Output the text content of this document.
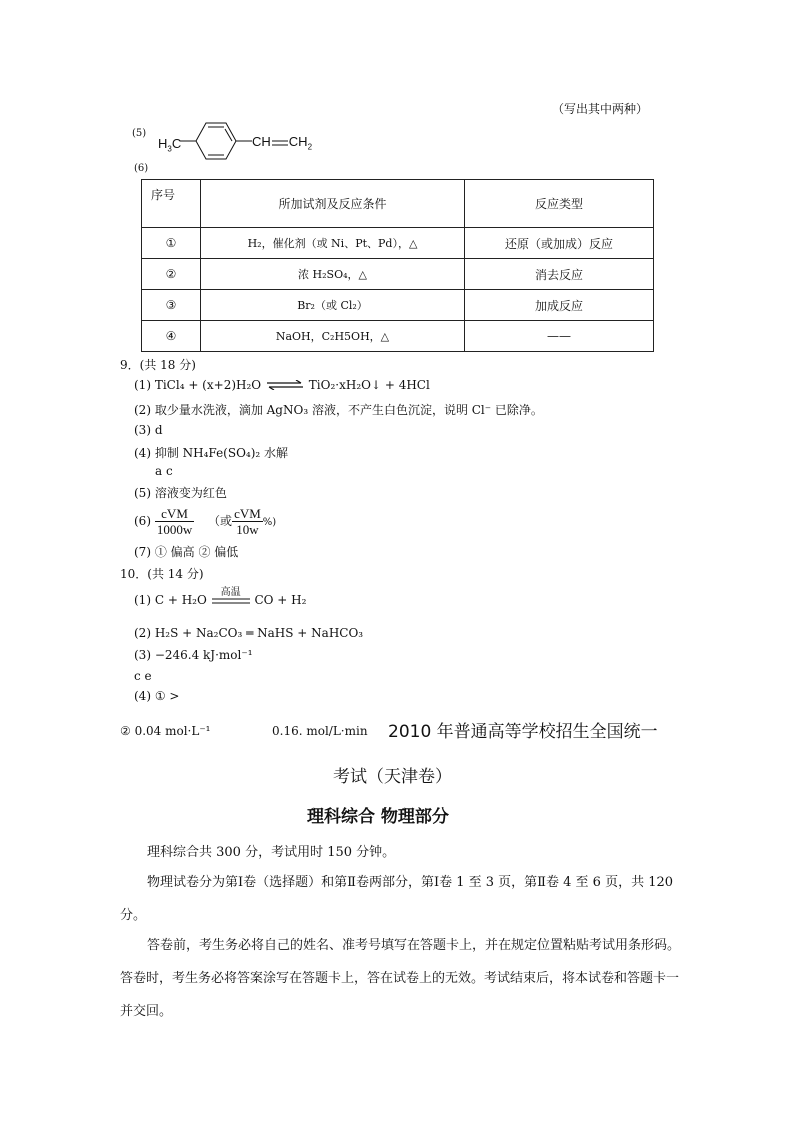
（写出其中两种）
(5)
$H_3C$	CH $CH_2$
(6)
序号	所加试剂及反应条件	反应类型
①	H₂，催化剂（或 Ni、Pt、Pd），△	还原（或加成）反应
②	浓 H₂SO₄，△	消去反应
③	Br₂（或 Cl₂）	加成反应
④	NaOH，C₂H5OH，△	——
9．(共 18 分)
(1) TiCl₄ + (x+2)H₂O ⇌ TiO₂·xH₂O↓ + 4HCl
(2) 取少量水洗液，滴加 AgNO₃ 溶液，不产生白色沉淀，说明 Cl⁻ 已除净。
(3) d
(4) 抑制 NH₄Fe(SO₄)₂ 水解
a c
(5) 溶液变为红色
$(6) \frac{\text{cVM}}{1000w}$ （或 $\frac{\text{cVM}}{10w}$ %)
(7) ① 偏高 ② 偏低
10．(共 14 分)
(1) C + H₂O
高温
CO + H₂
(2) H₂S + Na₂CO₃ ═ NaHS + NaHCO₃
(3) −246.4 kJ·mol⁻¹
c e
(4) ① >
② 0.04 mol·L⁻¹	0.16. mol/L·min 2010 年普通高等学校招生全国统一
考试（天津卷）
理科综合 物理部分
理科综合共 300 分，考试用时 150 分钟。
物理试卷分为第Ⅰ卷（选择题）和第Ⅱ卷两部分，第Ⅰ卷 1 至 3 页，第Ⅱ卷 4 至 6 页，共 120 分。
答卷前，考生务必将自己的姓名、准考号填写在答题卡上，并在规定位置粘贴考试用条形码。答卷时，考生务必将答案涂写在答题卡上，答在试卷上的无效。考试结束后，将本试卷和答题卡一并交回。
